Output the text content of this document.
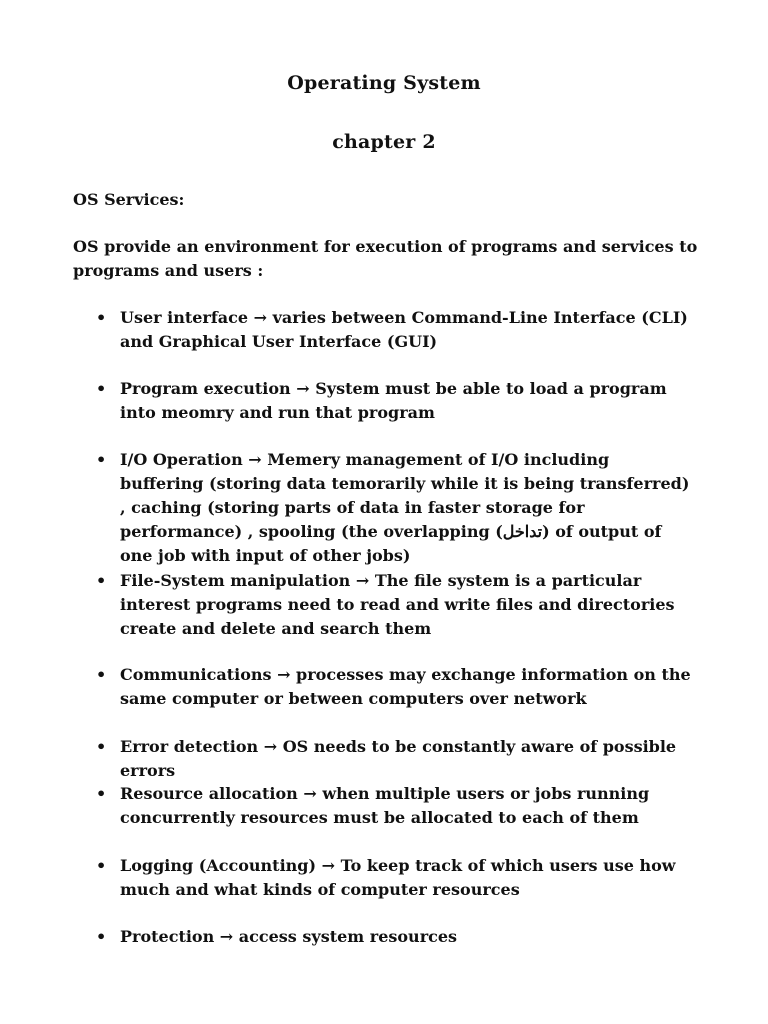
Operating System
chapter 2

OS Services:

OS provide an environment for execution of programs and services to programs and users :

• User interface → varies between Command-Line Interface (CLI) and Graphical User Interface (GUI)
• Program execution → System must be able to load a program into meomry and run that program
• I/O Operation → Memery management of I/O including buffering (storing data temorarily while it is being transferred) , caching (storing parts of data in faster storage for performance) , spooling (the overlapping (تداخل) of output of one job with input of other jobs)
• File-System manipulation → The file system is a particular interest programs need to read and write files and directories create and delete and search them
• Communications → processes may exchange information on the same computer or between computers over network
• Error detection → OS needs to be constantly aware of possible errors
• Resource allocation → when multiple users or jobs running concurrently resources must be allocated to each of them
• Logging (Accounting) → To keep track of which users use how much and what kinds of computer resources
• Protection → access system resources
